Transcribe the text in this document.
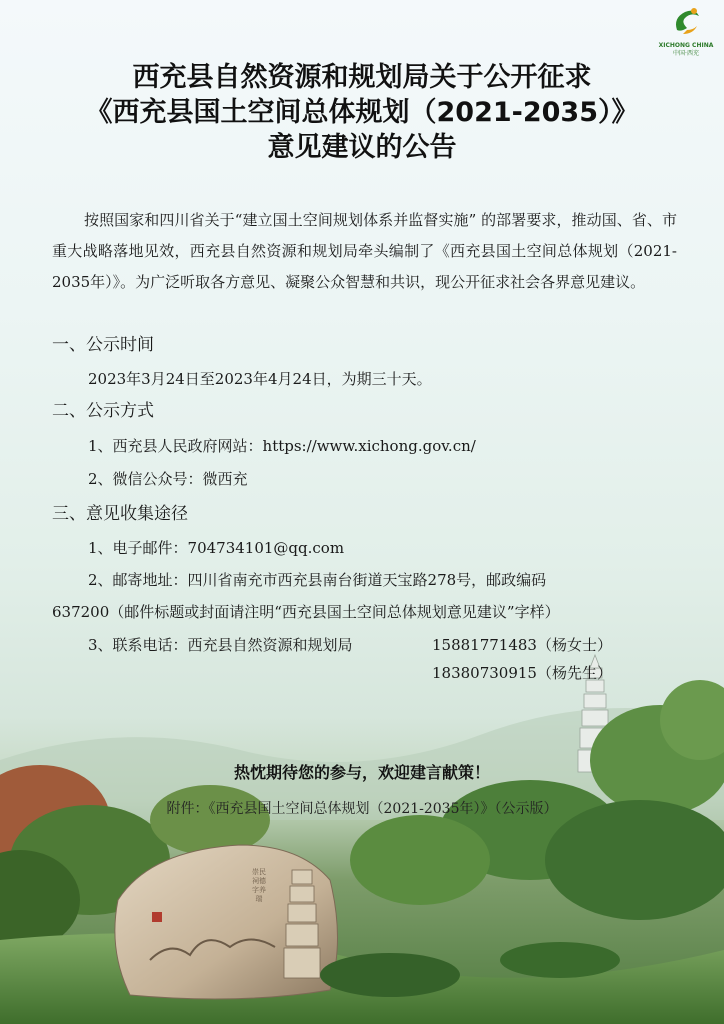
XICHONG CHINA
中国·西充
西充县自然资源和规划局关于公开征求
《西充县国土空间总体规划（2021-2035）》
意见建议的公告
按照国家和四川省关于“建立国土空间规划体系并监督实施” 的部署要求，推动国、省、市重大战略落地见效，西充县自然资源和规划局牵头编制了《西充县国土空间总体规划（2021-2035年）》。为广泛听取各方意见、凝聚公众智慧和共识，现公开征求社会各界意见建议。
一、公示时间
2023年3月24日至2023年4月24日，为期三十天。
二、公示方式
1、西充县人民政府网站：https://www.xichong.gov.cn/
2、微信公众号：微西充
三、意见收集途径
1、电子邮件：704734101@qq.com
2、邮寄地址：四川省南充市西充县南台街道天宝路278号，邮政编码
637200（邮件标题或封面请注明“西充县国土空间总体规划意见建议”字样）
3、联系电话：西充县自然资源和规划局	15881771483（杨女士）
18380730915（杨先生）
热忱期待您的参与，欢迎建言献策！
附件：《西充县国土空间总体规划（2021-2035年）》（公示版）
崇民祠德字养瑞
